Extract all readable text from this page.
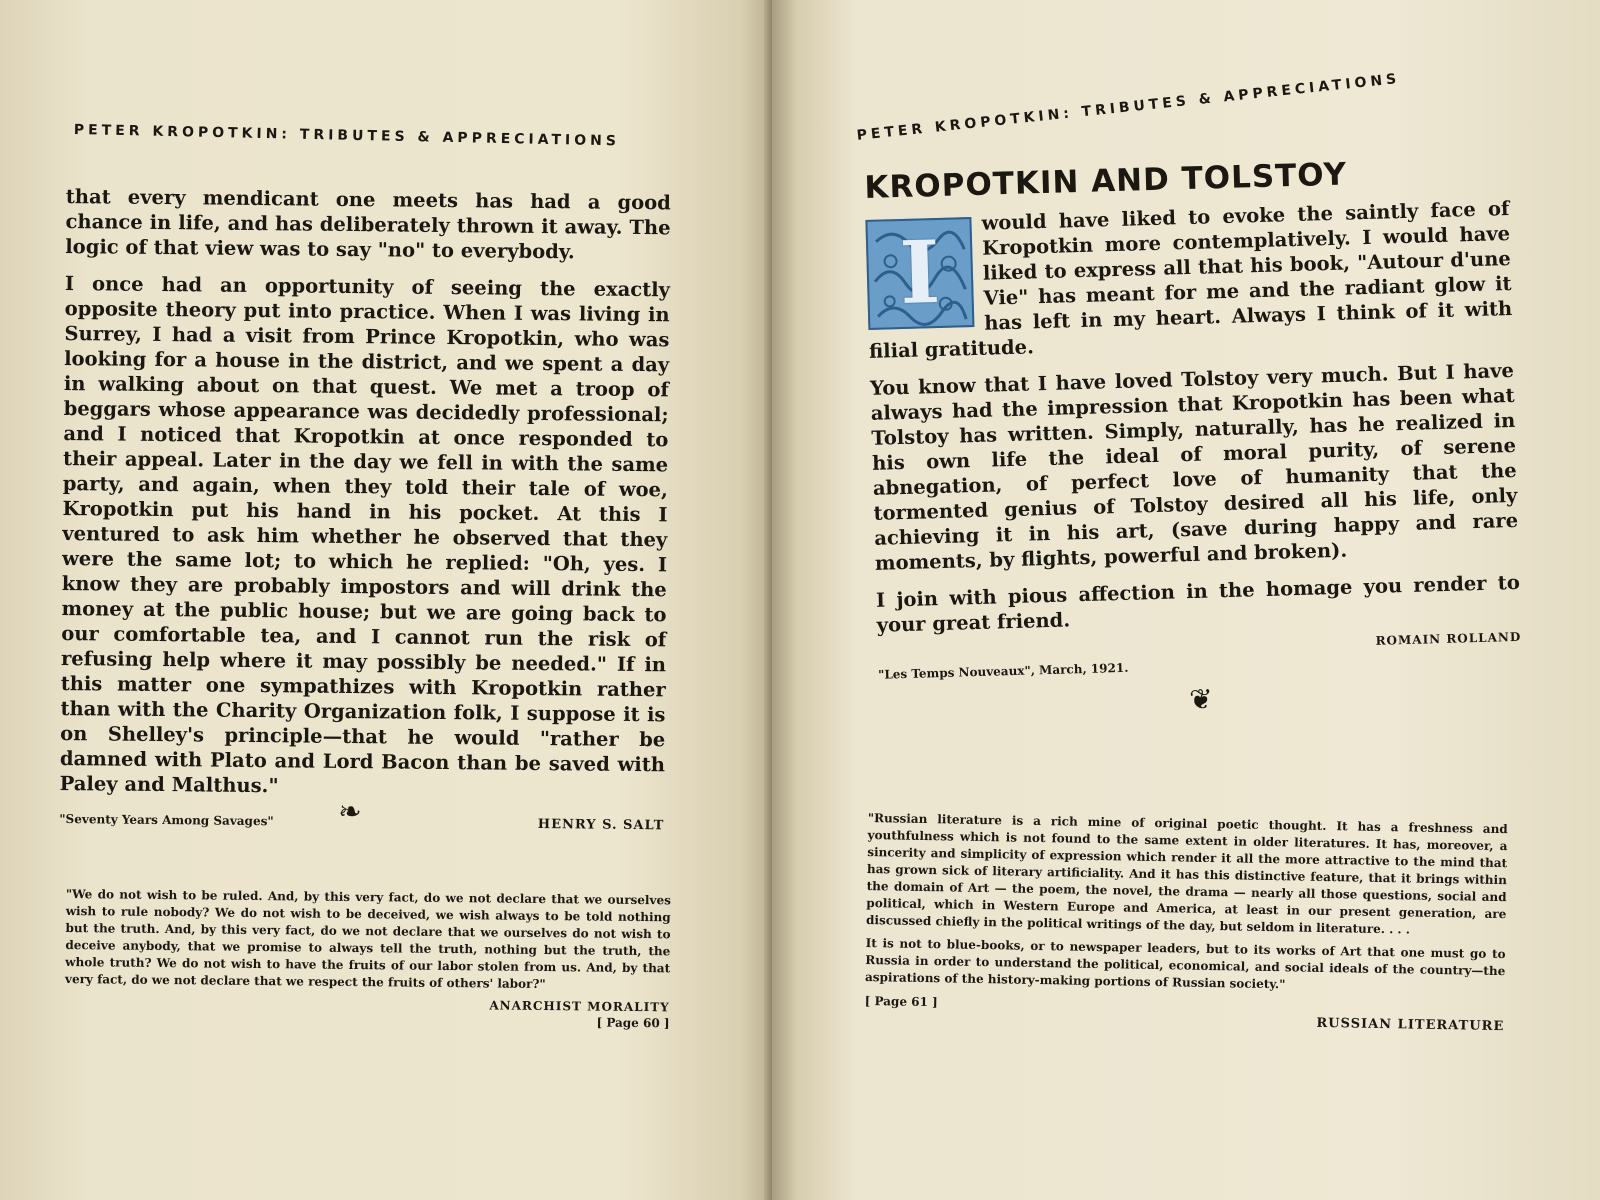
PETER KROPOTKIN: TRIBUTES & APPRECIATIONS

that every mendicant one meets has had a good chance in life, and has deliberately thrown it away. The logic of that view was to say "no" to everybody.

I once had an opportunity of seeing the exactly opposite theory put into practice. When I was living in Surrey, I had a visit from Prince Kropotkin, who was looking for a house in the district, and we spent a day in walking about on that quest. We met a troop of beggars whose appearance was decidedly professional; and I noticed that Kropotkin at once responded to their appeal. Later in the day we fell in with the same party, and again, when they told their tale of woe, Kropotkin put his hand in his pocket. At this I ventured to ask him whether he observed that they were the same lot; to which he replied: "Oh, yes. I know they are probably impostors and will drink the money at the public house; but we are going back to our comfortable tea, and I cannot run the risk of refusing help where it may possibly be needed." If in this matter one sympathizes with Kropotkin rather than with the Charity Organization folk, I suppose it is on Shelley's principle—that he would "rather be damned with Plato and Lord Bacon than be saved with Paley and Malthus."

"Seventy Years Among Savages"	HENRY S. SALT
❧

"We do not wish to be ruled. And, by this very fact, do we not declare that we ourselves wish to rule nobody? We do not wish to be deceived, we wish always to be told nothing but the truth. And, by this very fact, do we not declare that we ourselves do not wish to deceive anybody, that we promise to always tell the truth, nothing but the truth, the whole truth? We do not wish to have the fruits of our labor stolen from us. And, by that very fact, do we not declare that we respect the fruits of others' labor?"

ANARCHIST MORALITY
[ Page 60 ]
PETER KROPOTKIN: TRIBUTES & APPRECIATIONS
KROPOTKIN AND TOLSTOY
I

would have liked to evoke the saintly face of Kropotkin more contemplatively. I would have liked to express all that his book, "Autour d'une Vie" has meant for me and the radiant glow it has left in my heart. Always I think of it with filial gratitude.

You know that I have loved Tolstoy very much. But I have always had the impression that Kropotkin has been what Tolstoy has written. Simply, naturally, has he realized in his own life the ideal of moral purity, of serene abnegation, of perfect love of humanity that the tormented genius of Tolstoy desired all his life, only achieving it in his art, (save during happy and rare moments, by flights, powerful and broken).

I join with pious affection in the homage you render to your great friend.

ROMAIN ROLLAND
"Les Temps Nouveaux", March, 1921.
❦

"Russian literature is a rich mine of original poetic thought. It has a freshness and youthfulness which is not found to the same extent in older literatures. It has, moreover, a sincerity and simplicity of expression which render it all the more attractive to the mind that has grown sick of literary artificiality. And it has this distinctive feature, that it brings within the domain of Art — the poem, the novel, the drama — nearly all those questions, social and political, which in Western Europe and America, at least in our present generation, are discussed chiefly in the political writings of the day, but seldom in literature. . . .

It is not to blue-books, or to newspaper leaders, but to its works of Art that one must go to Russia in order to understand the political, economical, and social ideals of the country—the aspirations of the history-making portions of Russian society."

[ Page 61 ]
RUSSIAN LITERATURE
